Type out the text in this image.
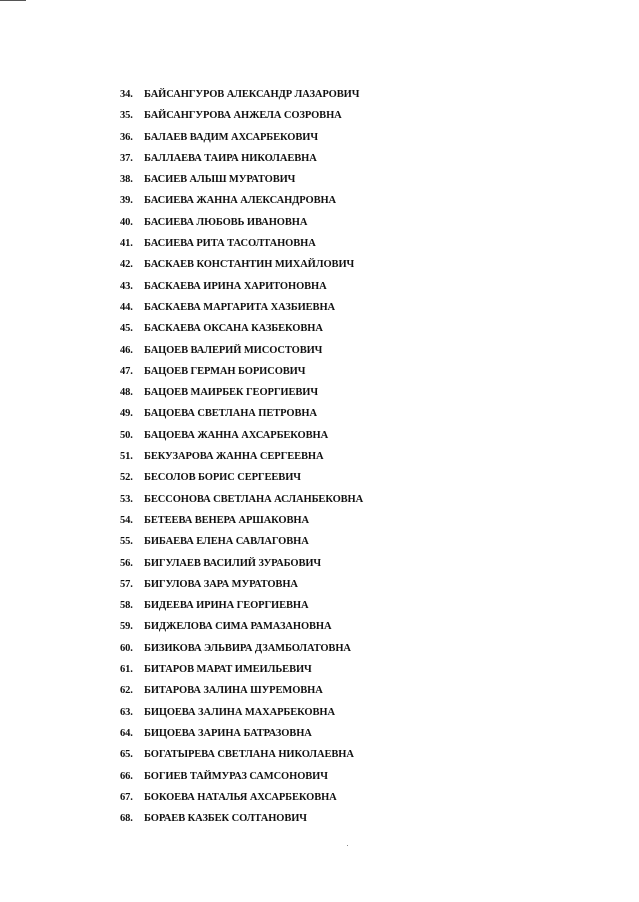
34. БАЙСАНГУРОВ АЛЕКСАНДР ЛАЗАРОВИЧ
35. БАЙСАНГУРОВА АНЖЕЛА СОЗРОВНА
36. БАЛАЕВ ВАДИМ АХСАРБЕКОВИЧ
37. БАЛЛАЕВА ТАИРА НИКОЛАЕВНА
38. БАСИЕВ АЛЫШ МУРАТОВИЧ
39. БАСИЕВА ЖАННА АЛЕКСАНДРОВНА
40. БАСИЕВА ЛЮБОВЬ ИВАНОВНА
41. БАСИЕВА РИТА ТАСОЛТАНОВНА
42. БАСКАЕВ КОНСТАНТИН МИХАЙЛОВИЧ
43. БАСКАЕВА ИРИНА ХАРИТОНОВНА
44. БАСКАЕВА МАРГАРИТА ХАЗБИЕВНА
45. БАСКАЕВА ОКСАНА КАЗБЕКОВНА
46. БАЦОЕВ ВАЛЕРИЙ МИСОСТОВИЧ
47. БАЦОЕВ ГЕРМАН БОРИСОВИЧ
48. БАЦОЕВ МАИРБЕК ГЕОРГИЕВИЧ
49. БАЦОЕВА СВЕТЛАНА ПЕТРОВНА
50. БАЦОЕВА ЖАННА АХСАРБЕКОВНА
51. БЕКУЗАРОВА ЖАННА СЕРГЕЕВНА
52. БЕСОЛОВ БОРИС СЕРГЕЕВИЧ
53. БЕССОНОВА СВЕТЛАНА АСЛАНБЕКОВНА
54. БЕТЕЕВА ВЕНЕРА АРШАКОВНА
55. БИБАЕВА ЕЛЕНА САВЛАГОВНА
56. БИГУЛАЕВ ВАСИЛИЙ ЗУРАБОВИЧ
57. БИГУЛОВА ЗАРА МУРАТОВНА
58. БИДЕЕВА ИРИНА ГЕОРГИЕВНА
59. БИДЖЕЛОВА СИМА РАМАЗАНОВНА
60. БИЗИКОВА ЭЛЬВИРА ДЗАМБОЛАТОВНА
61. БИТАРОВ МАРАТ ИМЕИЛЬЕВИЧ
62. БИТАРОВА ЗАЛИНА ШУРЕМОВНА
63. БИЦОЕВА ЗАЛИНА МАХАРБЕКОВНА
64. БИЦОЕВА ЗАРИНА БАТРАЗОВНА
65. БОГАТЫРЕВА СВЕТЛАНА НИКОЛАЕВНА
66. БОГИЕВ ТАЙМУРАЗ САМСОНОВИЧ
67. БОКОЕВА НАТАЛЬЯ АХСАРБЕКОВНА
68. БОРАЕВ КАЗБЕК СОЛТАНОВИЧ
